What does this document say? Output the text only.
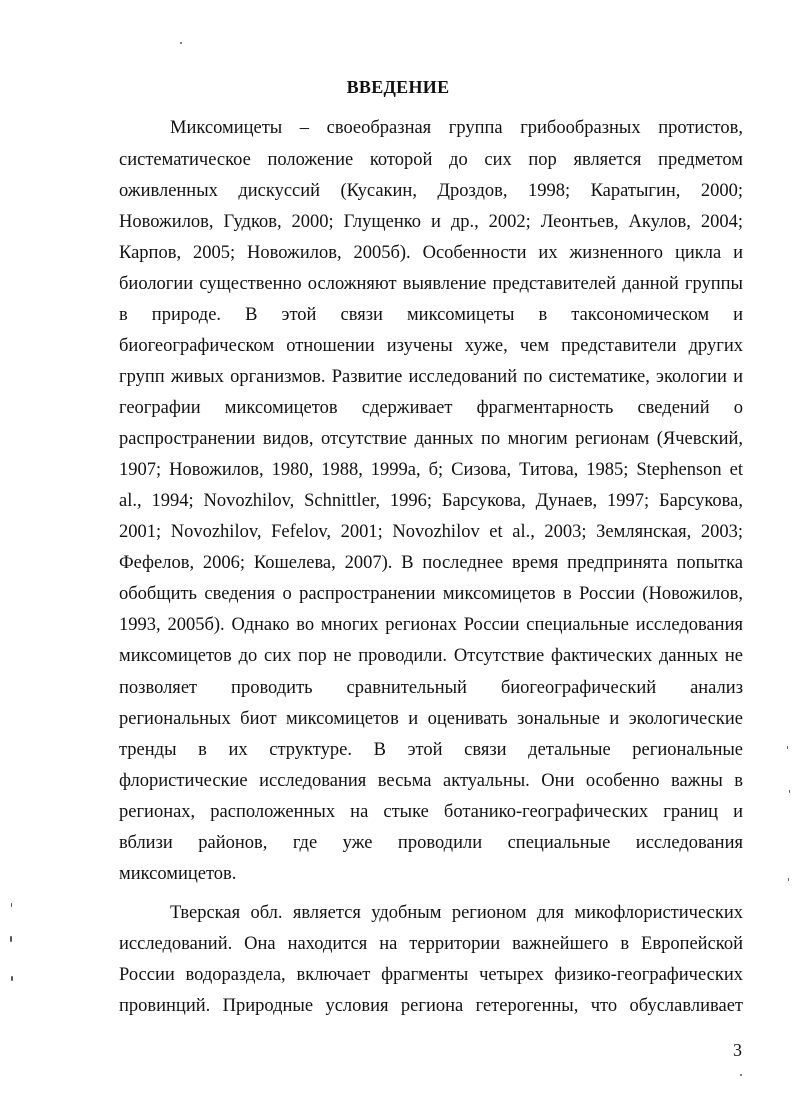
ВВЕДЕНИЕ
Миксомицеты – своеобразная группа грибообразных протистов,
систематическое положение которой до сих пор является предметом
оживленных дискуссий (Кусакин, Дроздов, 1998; Каратыгин, 2000;
Новожилов, Гудков, 2000; Глущенко и др., 2002; Леонтьев, Акулов, 2004;
Карпов, 2005; Новожилов, 2005б). Особенности их жизненного цикла и
биологии существенно осложняют выявление представителей данной группы
в природе. В этой связи миксомицеты в таксономическом и
биогеографическом отношении изучены хуже, чем представители других
групп живых организмов. Развитие исследований по систематике, экологии и
географии миксомицетов сдерживает фрагментарность сведений о
распространении видов, отсутствие данных по многим регионам (Ячевский,
1907; Новожилов, 1980, 1988, 1999а, б; Сизова, Титова, 1985; Stephenson et
al., 1994; Novozhilov, Schnittler, 1996; Барсукова, Дунаев, 1997; Барсукова,
2001; Novozhilov, Fefelov, 2001; Novozhilov et al., 2003; Землянская, 2003;
Фефелов, 2006; Кошелева, 2007). В последнее время предпринята попытка
обобщить сведения о распространении миксомицетов в России (Новожилов,
1993, 2005б). Однако во многих регионах России специальные исследования
миксомицетов до сих пор не проводили. Отсутствие фактических данных не
позволяет проводить сравнительный биогеографический анализ
региональных биот миксомицетов и оценивать зональные и экологические
тренды в их структуре. В этой связи детальные региональные
флористические исследования весьма актуальны. Они особенно важны в
регионах, расположенных на стыке ботанико-географических границ и
вблизи районов, где уже проводили специальные исследования
миксомицетов.
Тверская обл. является удобным регионом для микофлористических
исследований. Она находится на территории важнейшего в Европейской
России водораздела, включает фрагменты четырех физико-географических
провинций. Природные условия региона гетерогенны, что обуславливает
3
